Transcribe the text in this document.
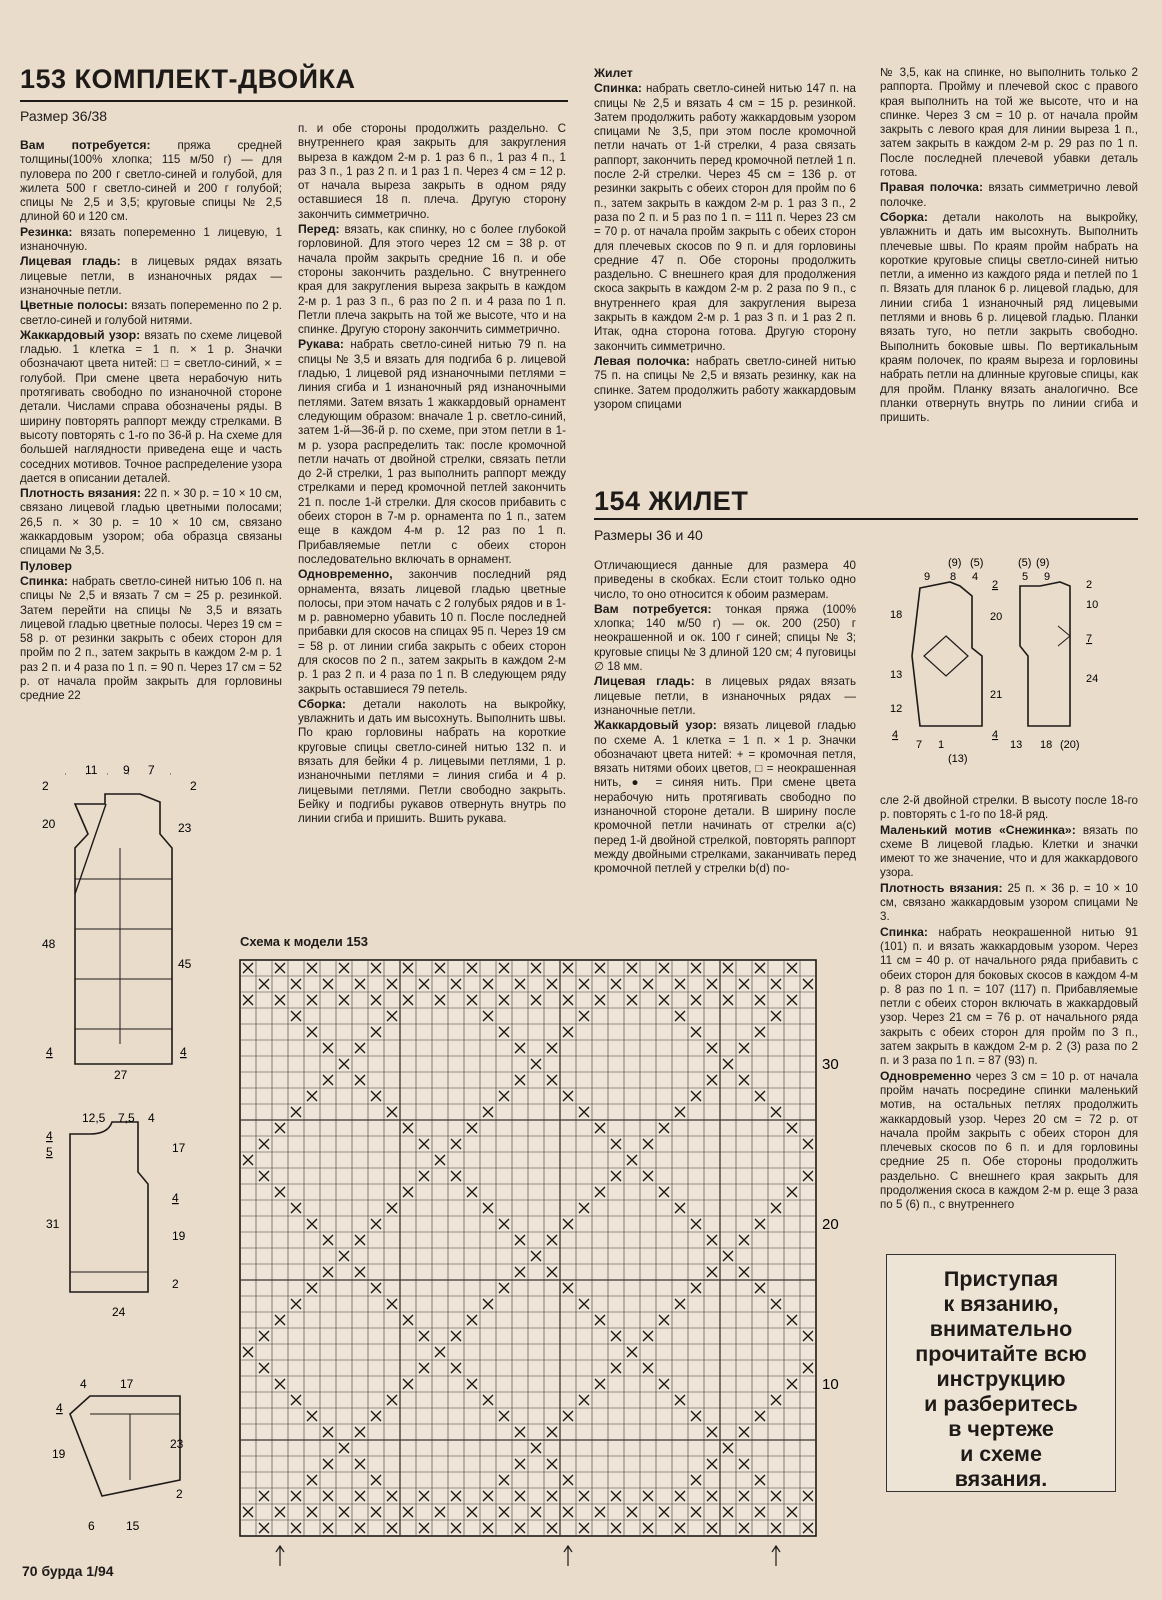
153 КОМПЛЕКТ-ДВОЙКА
Размер 36/38

Вам потребуется: пряжа средней толщины(100% хлопка; 115 м/50 г) — для пуловера по 200 г светло-синей и голубой, для жилета 500 г светло-синей и 200 г голубой; спицы № 2,5 и 3,5; круговые спицы № 2,5 длиной 60 и 120 см.

Резинка: вязать попеременно 1 лицевую, 1 изнаночную.

Лицевая гладь: в лицевых рядах вязать лицевые петли, в изнаночных рядах — изнаночные петли.

Цветные полосы: вязать попеременно по 2 р. светло-синей и голубой нитями.

Жаккардовый узор: вязать по схеме лицевой гладью. 1 клетка = 1 п. × 1 р. Значки обозначают цвета нитей: □ = светло-синий, × = голубой. При смене цвета нерабочую нить протягивать свободно по изнаночной стороне детали. Числами справа обозначены ряды. В ширину повторять раппорт между стрелками. В высоту повторять с 1-го по 36-й р. На схеме для большей наглядности приведена еще и часть соседних мотивов. Точное распределение узора дается в описании деталей.

Плотность вязания: 22 п. × 30 р. = 10 × 10 см, связано лицевой гладью цветными полосами; 26,5 п. × 30 р. = 10 × 10 см, связано жаккардовым узором; оба образца связаны спицами № 3,5.

Пуловер

Спинка: набрать светло-синей нитью 106 п. на спицы № 2,5 и вязать 7 см = 25 р. резинкой. Затем перейти на спицы № 3,5 и вязать лицевой гладью цветные полосы. Через 19 см = 58 р. от резинки закрыть с обеих сторон для пройм по 2 п., затем закрыть в каждом 2-м р. 1 раз 2 п. и 4 раза по 1 п. = 90 п. Через 17 см = 52 р. от начала пройм закрыть для горловины средние 22

п. и обе стороны продолжить раздельно. С внутреннего края закрыть для закругления выреза в каждом 2-м р. 1 раз 6 п., 1 раз 4 п., 1 раз 3 п., 1 раз 2 п. и 1 раз 1 п. Через 4 см = 12 р. от начала выреза закрыть в одном ряду оставшиеся 18 п. плеча. Другую сторону закончить симметрично.

Перед: вязать, как спинку, но с более глубокой горловиной. Для этого через 12 см = 38 р. от начала пройм закрыть средние 16 п. и обе стороны закончить раздельно. С внутреннего края для закругления выреза закрыть в каждом 2-м р. 1 раз 3 п., 6 раз по 2 п. и 4 раза по 1 п. Петли плеча закрыть на той же высоте, что и на спинке. Другую сторону закончить симметрично.

Рукава: набрать светло-синей нитью 79 п. на спицы № 3,5 и вязать для подгиба 6 р. лицевой гладью, 1 лицевой ряд изнаночными петлями = линия сгиба и 1 изнаночный ряд изнаночными петлями. Затем вязать 1 жаккардовый орнамент следующим образом: вначале 1 р. светло-синий, затем 1-й—36-й р. по схеме, при этом петли в 1-м р. узора распределить так: после кромочной петли начать от двойной стрелки, связать петли до 2-й стрелки, 1 раз выполнить раппорт между стрелками и перед кромочной петлей закончить 21 п. после 1-й стрелки. Для скосов прибавить с обеих сторон в 7-м р. орнамента по 1 п., затем еще в каждом 4-м р. 12 раз по 1 п. Прибавляемые петли с обеих сторон последовательно включать в орнамент.

Одновременно, закончив последний ряд орнамента, вязать лицевой гладью цветные полосы, при этом начать с 2 голубых рядов и в 1-м р. равномерно убавить 10 п. После последней прибавки для скосов на спицах 95 п. Через 19 см = 58 р. от линии сгиба закрыть с обеих сторон для скосов по 2 п., затем закрыть в каждом 2-м р. 1 раз 2 п. и 4 раза по 1 п. В следующем ряду закрыть оставшиеся 79 петель.

Сборка: детали наколоть на выкройку, увлажнить и дать им высохнуть. Выполнить швы. По краю горловины набрать на короткие круговые спицы светло-синей нитью 132 п. и вязать для бейки 4 р. лицевыми петлями, 1 р. изнаночными петлями = линия сгиба и 4 р. лицевыми петлями. Петли свободно закрыть. Бейку и подгибы рукавов отвернуть внутрь по линии сгиба и пришить. Вшить рукава.

Жилет

Спинка: набрать светло-синей нитью 147 п. на спицы № 2,5 и вязать 4 см = 15 р. резинкой. Затем продолжить работу жаккардовым узором спицами № 3,5, при этом после кромочной петли начать от 1-й стрелки, 4 раза связать раппорт, закончить перед кромочной петлей 1 п. после 2-й стрелки. Через 45 см = 136 р. от резинки закрыть с обеих сторон для пройм по 6 п., затем закрыть в каждом 2-м р. 1 раз 3 п., 2 раза по 2 п. и 5 раз по 1 п. = 111 п. Через 23 см = 70 р. от начала пройм закрыть с обеих сторон для плечевых скосов по 9 п. и для горловины средние 47 п. Обе стороны продолжить раздельно. С внешнего края для продолжения скоса закрыть в каждом 2-м р. 2 раза по 9 п., с внутреннего края для закругления выреза закрыть в каждом 2-м р. 1 раз 3 п. и 1 раз 2 п. Итак, одна сторона готова. Другую сторону закончить симметрично.

Левая полочка: набрать светло-синей нитью 75 п. на спицы № 2,5 и вязать резинку, как на спинке. Затем продолжить работу жаккардовым узором спицами

№ 3,5, как на спинке, но выполнить только 2 раппорта. Пройму и плечевой скос с правого края выполнить на той же высоте, что и на спинке. Через 3 см = 10 р. от начала пройм закрыть с левого края для линии выреза 1 п., затем закрыть в каждом 2-м р. 29 раз по 1 п. После последней плечевой убавки деталь готова.

Правая полочка: вязать симметрично левой полочке.

Сборка: детали наколоть на выкройку, увлажнить и дать им высохнуть. Выполнить плечевые швы. По краям пройм набрать на короткие круговые спицы светло-синей нитью петли, а именно из каждого ряда и петлей по 1 п. Вязать для планок 6 р. лицевой гладью, для линии сгиба 1 изнаночный ряд лицевыми петлями и вновь 6 р. лицевой гладью. Планки вязать туго, но петли закрыть свободно. Выполнить боковые швы. По вертикальным краям полочек, по краям выреза и горловины набрать петли на длинные круговые спицы, как для пройм. Планку вязать аналогично. Все планки отвернуть внутрь по линии сгиба и пришить.

154 ЖИЛЕТ
Размеры 36 и 40

Отличающиеся данные для размера 40 приведены в скобках. Если стоит только одно число, то оно относится к обоим размерам.

Вам потребуется: тонкая пряжа (100% хлопка; 140 м/50 г) — ок. 200 (250) г неокрашенной и ок. 100 г синей; спицы № 3; круговые спицы № 3 длиной 120 см; 4 пуговицы ∅ 18 мм.

Лицевая гладь: в лицевых рядах вязать лицевые петли, в изнаночных рядах — изнаночные петли.

Жаккардовый узор: вязать лицевой гладью по схеме А. 1 клетка = 1 п. × 1 р. Значки обозначают цвета нитей: + = кромочная петля, вязать нитями обоих цветов, □ = неокрашенная нить, ● = синяя нить. При смене цвета нерабочую нить протягивать свободно по изнаночной стороне детали. В ширину после кромочной петли начинать от стрелки а(с) перед 1-й двойной стрелкой, повторять раппорт между двойными стрелками, заканчивать перед кромочной петлей у стрелки b(d) по-

сле 2-й двойной стрелки. В высоту после 18-го р. повторять с 1-го по 18-й ряд.

Маленький мотив «Снежинка»: вязать по схеме В лицевой гладью. Клетки и значки имеют то же значение, что и для жаккардового узора.

Плотность вязания: 25 п. × 36 р. = 10 × 10 см, связано жаккардовым узором спицами № 3.

Спинка: набрать неокрашенной нитью 91 (101) п. и вязать жаккардовым узором. Через 11 см = 40 р. от начального ряда прибавить с обеих сторон для боковых скосов в каждом 4-м р. 8 раз по 1 п. = 107 (117) п. Прибавляемые петли с обеих сторон включать в жаккардовый узор. Через 21 см = 76 р. от начального ряда закрыть с обеих сторон для пройм по 3 п., затем закрыть в каждом 2-м р. 2 (3) раза по 2 п. и 3 раза по 1 п. = 87 (93) п.

Одновременно через 3 см = 10 р. от начала пройм начать посредине спинки маленький мотив, на остальных петлях продолжить жаккардовый узор. Через 20 см = 72 р. от начала пройм закрыть с обеих сторон для плечевых скосов по 6 п. и для горловины средние 25 п. Обе стороны продолжить раздельно. С внешнего края закрыть для продолжения скоса в каждом 2-м р. еще 3 раза по 5 (6) п., с внутреннего

Приступая
к вязанию,
внимательно
прочитайте всю
инструкцию
и разберитесь
в чертеже
и схеме
вязания.
70 бурда 1/94
Схема к модели 153
10
20
30
11 9 7
2
20
48
4
2
23
45
4
27
12,5 7,5 4
4
5
31
17
4
19
2
24
4	17
4
19
23
2
6	15
(9) (5)
9 8 4
(5) (9)
5 9
18
13
12
4
2
20
21
4
2
10
7
24
7 1
(13)
13 18 (20)
